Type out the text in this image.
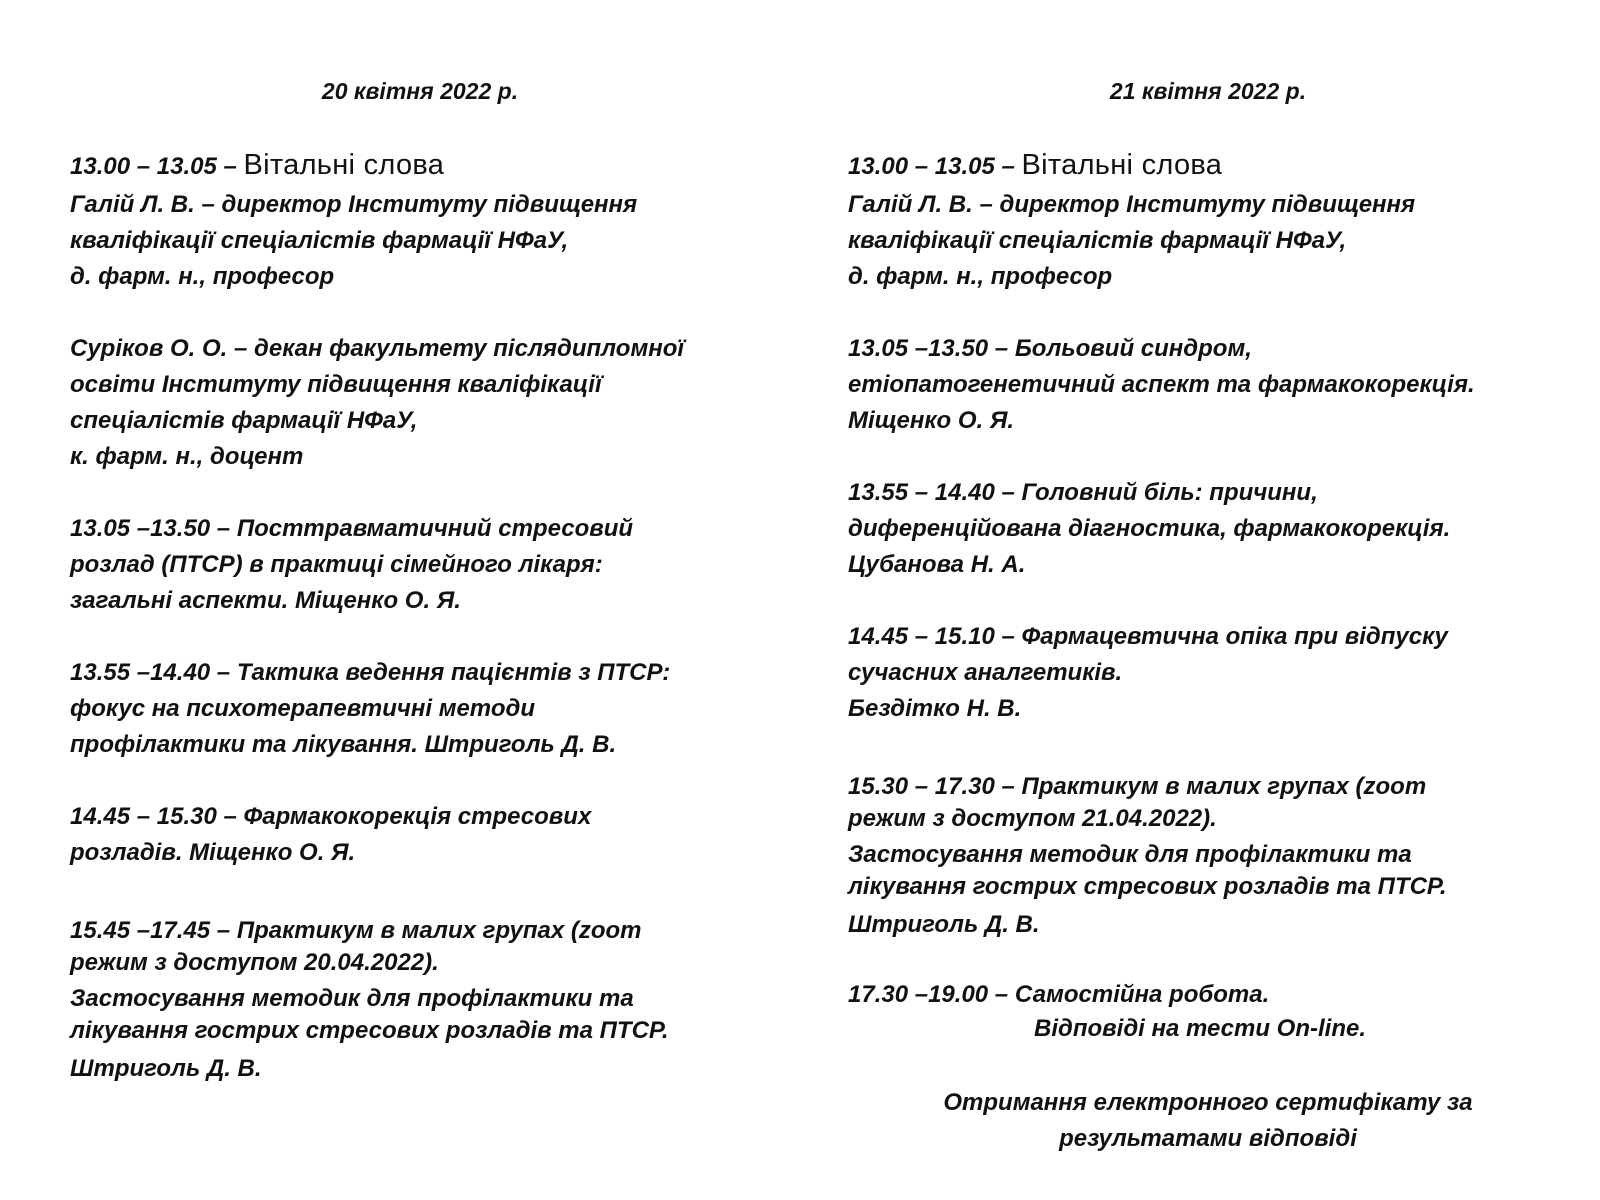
20 квітня 2022 р.
13.00 – 13.05 – Вітальні слова
Галій Л. В. – директор Інституту підвищення
кваліфікації спеціалістів фармації НФаУ,
д. фарм. н., професор
Суріков О. О. – декан факультету післядипломної
освіти Інституту підвищення кваліфікації
спеціалістів фармації НФаУ,
к. фарм. н., доцент
13.05 –13.50 – Посттравматичний стресовий
розлад (ПТСР) в практиці сімейного лікаря:
загальні аспекти. Міщенко О. Я.
13.55 –14.40 – Тактика ведення пацієнтів з ПТСР:
фокус на психотерапевтичні методи
профілактики та лікування. Штриголь Д. В.
14.45 – 15.30 – Фармакокорекція стресових
розладів. Міщенко О. Я.
15.45 –17.45 – Практикум в малих групах (zoom
режим з доступом 20.04.2022).
Застосування методик для профілактики та
лікування гострих стресових розладів та ПТСР.
Штриголь Д. В.
21 квітня 2022 р.
13.00 – 13.05 – Вітальні слова
Галій Л. В. – директор Інституту підвищення
кваліфікації спеціалістів фармації НФаУ,
д. фарм. н., професор
13.05 –13.50 – Больовий синдром,
етіопатогенетичний аспект та фармакокорекція.
Міщенко О. Я.
13.55 – 14.40 – Головний біль: причини,
диференційована діагностика, фармакокорекція.
Цубанова Н. А.
14.45 – 15.10 – Фармацевтична опіка при відпуску
сучасних аналгетиків.
Бездітко Н. В.
15.30 – 17.30 – Практикум в малих групах (zoom
режим з доступом 21.04.2022).
Застосування методик для профілактики та
лікування гострих стресових розладів та ПТСР.
Штриголь Д. В.
17.30 –19.00 – Самостійна робота.
Відповіді на тести On-line.
Отримання електронного сертифікату за
результатами відповіді
